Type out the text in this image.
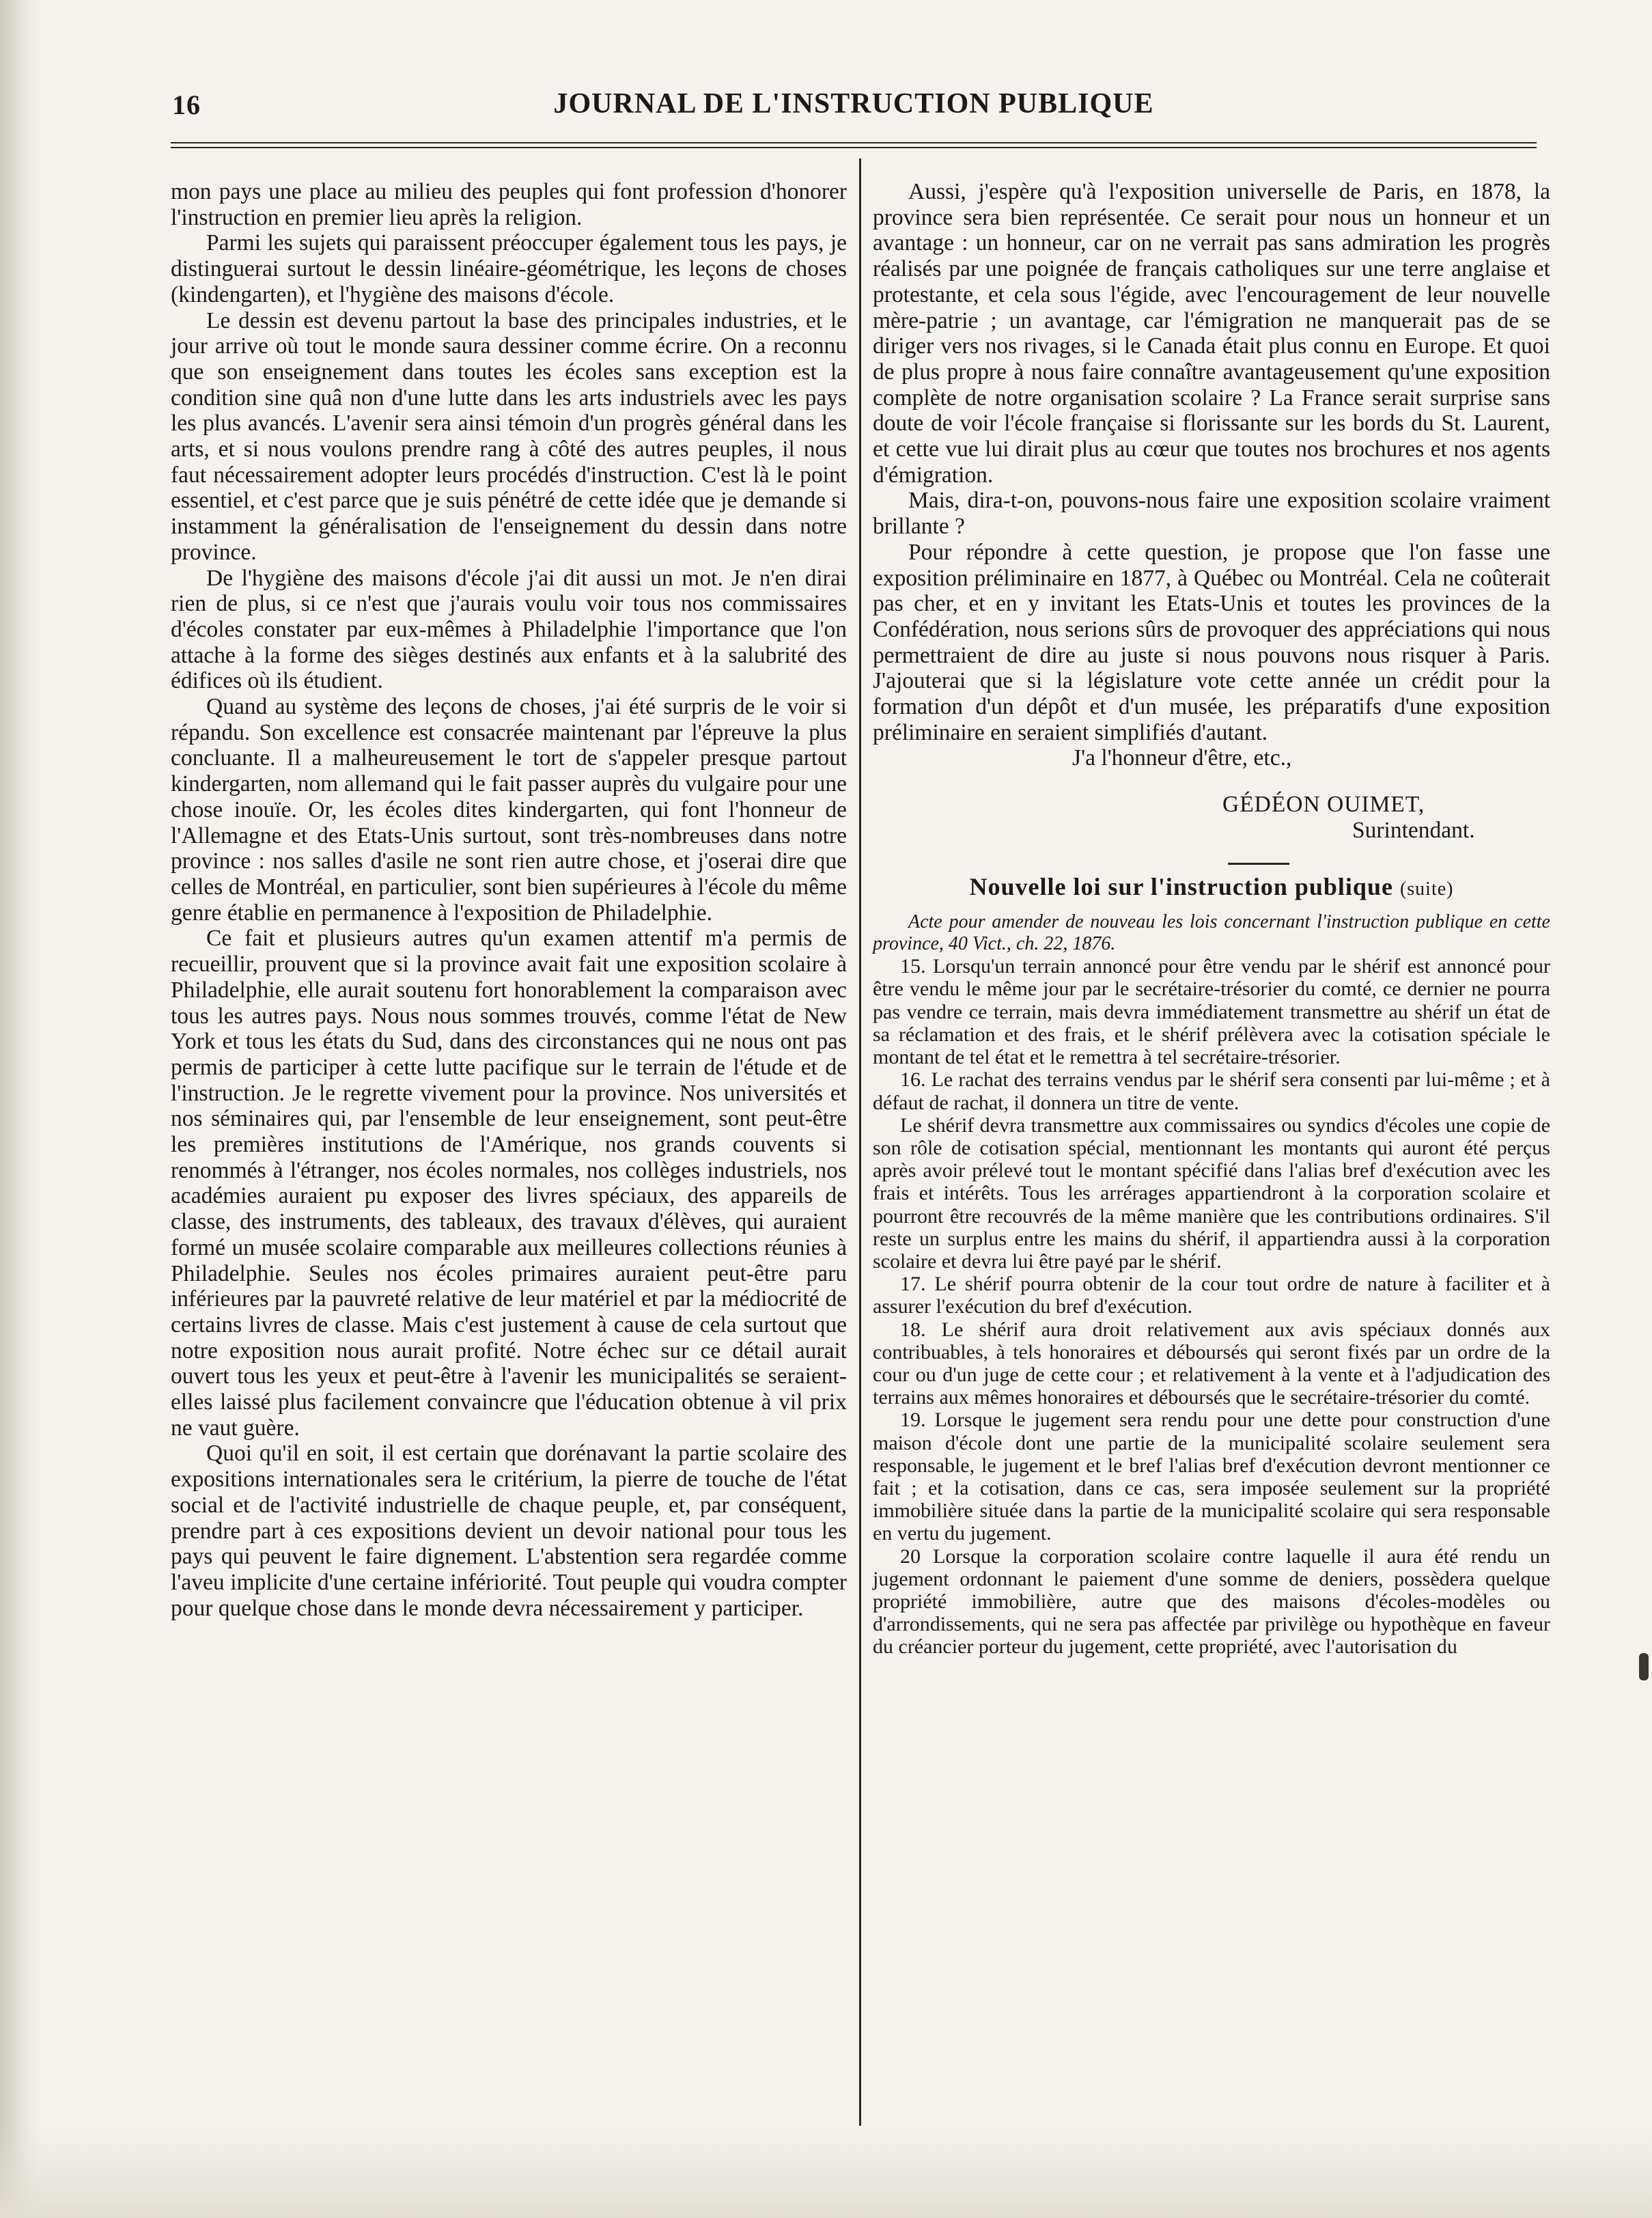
16	JOURNAL DE L'INSTRUCTION PUBLIQUE

mon pays une place au milieu des peuples qui font profession d'honorer l'instruction en premier lieu après la religion.

Parmi les sujets qui paraissent préoccuper également tous les pays, je distinguerai surtout le dessin linéaire-géométrique, les leçons de choses (kindengarten), et l'hygiène des maisons d'école.

Le dessin est devenu partout la base des principales industries, et le jour arrive où tout le monde saura dessiner comme écrire. On a reconnu que son enseignement dans toutes les écoles sans exception est la condition sine quâ non d'une lutte dans les arts industriels avec les pays les plus avancés. L'avenir sera ainsi témoin d'un progrès général dans les arts, et si nous voulons prendre rang à côté des autres peuples, il nous faut nécessairement adopter leurs procédés d'instruction. C'est là le point essentiel, et c'est parce que je suis pénétré de cette idée que je demande si instamment la généralisation de l'enseignement du dessin dans notre province.

De l'hygiène des maisons d'école j'ai dit aussi un mot. Je n'en dirai rien de plus, si ce n'est que j'aurais voulu voir tous nos commissaires d'écoles constater par eux-mêmes à Philadelphie l'importance que l'on attache à la forme des sièges destinés aux enfants et à la salubrité des édifices où ils étudient.

Quand au système des leçons de choses, j'ai été surpris de le voir si répandu. Son excellence est consacrée maintenant par l'épreuve la plus concluante. Il a malheureusement le tort de s'appeler presque partout kindergarten, nom allemand qui le fait passer auprès du vulgaire pour une chose inouïe. Or, les écoles dites kindergarten, qui font l'honneur de l'Allemagne et des Etats-Unis surtout, sont très-nombreuses dans notre province : nos salles d'asile ne sont rien autre chose, et j'oserai dire que celles de Montréal, en particulier, sont bien supérieures à l'école du même genre établie en permanence à l'exposition de Philadelphie.

Ce fait et plusieurs autres qu'un examen attentif m'a permis de recueillir, prouvent que si la province avait fait une exposition scolaire à Philadelphie, elle aurait soutenu fort honorablement la comparaison avec tous les autres pays. Nous nous sommes trouvés, comme l'état de New York et tous les états du Sud, dans des circonstances qui ne nous ont pas permis de participer à cette lutte pacifique sur le terrain de l'étude et de l'instruction. Je le regrette vivement pour la province. Nos universités et nos séminaires qui, par l'ensemble de leur enseignement, sont peut-être les premières institutions de l'Amérique, nos grands couvents si renommés à l'étranger, nos écoles normales, nos collèges industriels, nos académies auraient pu exposer des livres spéciaux, des appareils de classe, des instruments, des tableaux, des travaux d'élèves, qui auraient formé un musée scolaire comparable aux meilleures collections réunies à Philadelphie. Seules nos écoles primaires auraient peut-être paru inférieures par la pauvreté relative de leur matériel et par la médiocrité de certains livres de classe. Mais c'est justement à cause de cela surtout que notre exposition nous aurait profité. Notre échec sur ce détail aurait ouvert tous les yeux et peut-être à l'avenir les municipalités se seraient-elles laissé plus facilement convaincre que l'éducation obtenue à vil prix ne vaut guère.

Quoi qu'il en soit, il est certain que dorénavant la partie scolaire des expositions internationales sera le critérium, la pierre de touche de l'état social et de l'activité industrielle de chaque peuple, et, par conséquent, prendre part à ces expositions devient un devoir national pour tous les pays qui peuvent le faire dignement. L'abstention sera regardée comme l'aveu implicite d'une certaine infériorité. Tout peuple qui voudra compter pour quelque chose dans le monde devra nécessairement y participer.

Aussi, j'espère qu'à l'exposition universelle de Paris, en 1878, la province sera bien représentée. Ce serait pour nous un honneur et un avantage : un honneur, car on ne verrait pas sans admiration les progrès réalisés par une poignée de français catholiques sur une terre anglaise et protestante, et cela sous l'égide, avec l'encouragement de leur nouvelle mère-patrie ; un avantage, car l'émigration ne manquerait pas de se diriger vers nos rivages, si le Canada était plus connu en Europe. Et quoi de plus propre à nous faire connaître avantageusement qu'une exposition complète de notre organisation scolaire ? La France serait surprise sans doute de voir l'école française si florissante sur les bords du St. Laurent, et cette vue lui dirait plus au cœur que toutes nos brochures et nos agents d'émigration.

Mais, dira-t-on, pouvons-nous faire une exposition scolaire vraiment brillante ?

Pour répondre à cette question, je propose que l'on fasse une exposition préliminaire en 1877, à Québec ou Montréal. Cela ne coûterait pas cher, et en y invitant les Etats-Unis et toutes les provinces de la Confédération, nous serions sûrs de provoquer des appréciations qui nous permettraient de dire au juste si nous pouvons nous risquer à Paris. J'ajouterai que si la législature vote cette année un crédit pour la formation d'un dépôt et d'un musée, les préparatifs d'une exposition préliminaire en seraient simplifiés d'autant.

J'a l'honneur d'être, etc.,
GÉDÉON OUIMET,
Surintendant.

Nouvelle loi sur l'instruction publique (suite)

Acte pour amender de nouveau les lois concernant l'instruction publique en cette province, 40 Vict., ch. 22, 1876.

15. Lorsqu'un terrain annoncé pour être vendu par le shérif est annoncé pour être vendu le même jour par le secrétaire-trésorier du comté, ce dernier ne pourra pas vendre ce terrain, mais devra immédiatement transmettre au shérif un état de sa réclamation et des frais, et le shérif prélèvera avec la cotisation spéciale le montant de tel état et le remettra à tel secrétaire-trésorier.

16. Le rachat des terrains vendus par le shérif sera consenti par lui-même ; et à défaut de rachat, il donnera un titre de vente.

Le shérif devra transmettre aux commissaires ou syndics d'écoles une copie de son rôle de cotisation spécial, mentionnant les montants qui auront été perçus après avoir prélevé tout le montant spécifié dans l'alias bref d'exécution avec les frais et intérêts. Tous les arrérages appartiendront à la corporation scolaire et pourront être recouvrés de la même manière que les contributions ordinaires. S'il reste un surplus entre les mains du shérif, il appartiendra aussi à la corporation scolaire et devra lui être payé par le shérif.

17. Le shérif pourra obtenir de la cour tout ordre de nature à faciliter et à assurer l'exécution du bref d'exécution.

18. Le shérif aura droit relativement aux avis spéciaux donnés aux contribuables, à tels honoraires et déboursés qui seront fixés par un ordre de la cour ou d'un juge de cette cour ; et relativement à la vente et à l'adjudication des terrains aux mêmes honoraires et déboursés que le secrétaire-trésorier du comté.

19. Lorsque le jugement sera rendu pour une dette pour construction d'une maison d'école dont une partie de la municipalité scolaire seulement sera responsable, le jugement et le bref l'alias bref d'exécution devront mentionner ce fait ; et la cotisation, dans ce cas, sera imposée seulement sur la propriété immobilière située dans la partie de la municipalité scolaire qui sera responsable en vertu du jugement.

20 Lorsque la corporation scolaire contre laquelle il aura été rendu un jugement ordonnant le paiement d'une somme de deniers, possèdera quelque propriété immobilière, autre que des maisons d'écoles-modèles ou d'arrondissements, qui ne sera pas affectée par privilège ou hypothèque en faveur du créancier porteur du jugement, cette propriété, avec l'autorisation du
